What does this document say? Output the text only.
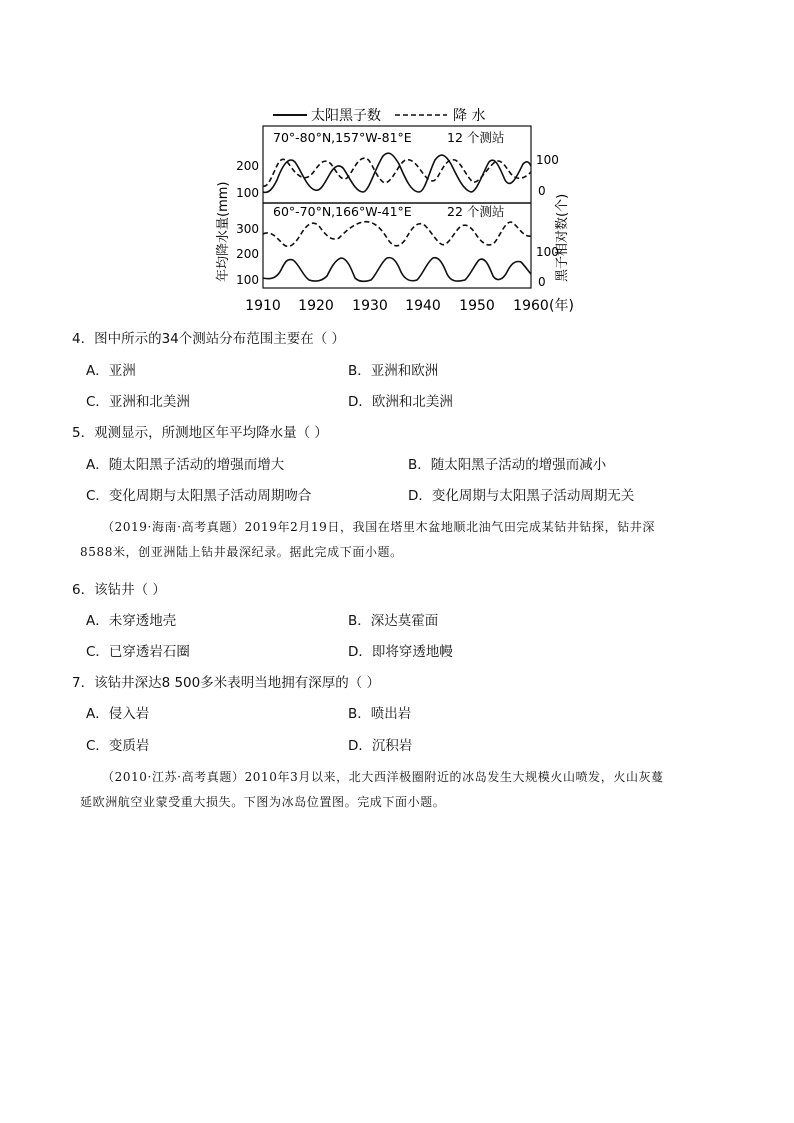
太阳黑子数	降 水
70°-80°N,157°W-81°E	12 个测站
60°-70°N,166°W-41°E	22 个测站
200
100
100
0
300
200
100
100
0
年均降水量(mm)	黑子相对数(个)
1910 1920 1930 1940 1950 1960 (年)
4．图中所示的34个测站分布范围主要在（ ）
A．亚洲	B．亚洲和欧洲
C．亚洲和北美洲	D．欧洲和北美洲
5．观测显示，所测地区年平均降水量（ ）
A．随太阳黑子活动的增强而增大	B．随太阳黑子活动的增强而减小
C．变化周期与太阳黑子活动周期吻合	D．变化周期与太阳黑子活动周期无关
（2019·海南·高考真题）2019年2月19日，我国在塔里木盆地顺北油气田完成某钻井钻探，钻井深
8588米，创亚洲陆上钻井最深纪录。据此完成下面小题。
6．该钻井（ ）
A．未穿透地壳	B．深达莫霍面
C．已穿透岩石圈	D．即将穿透地幔
7．该钻井深达8 500多米表明当地拥有深厚的（ ）
A．侵入岩	B．喷出岩
C．变质岩	D．沉积岩
（2010·江苏·高考真题）2010年3月以来，北大西洋极圈附近的冰岛发生大规模火山喷发，火山灰蔓
延欧洲航空业蒙受重大损失。下图为冰岛位置图。完成下面小题。
